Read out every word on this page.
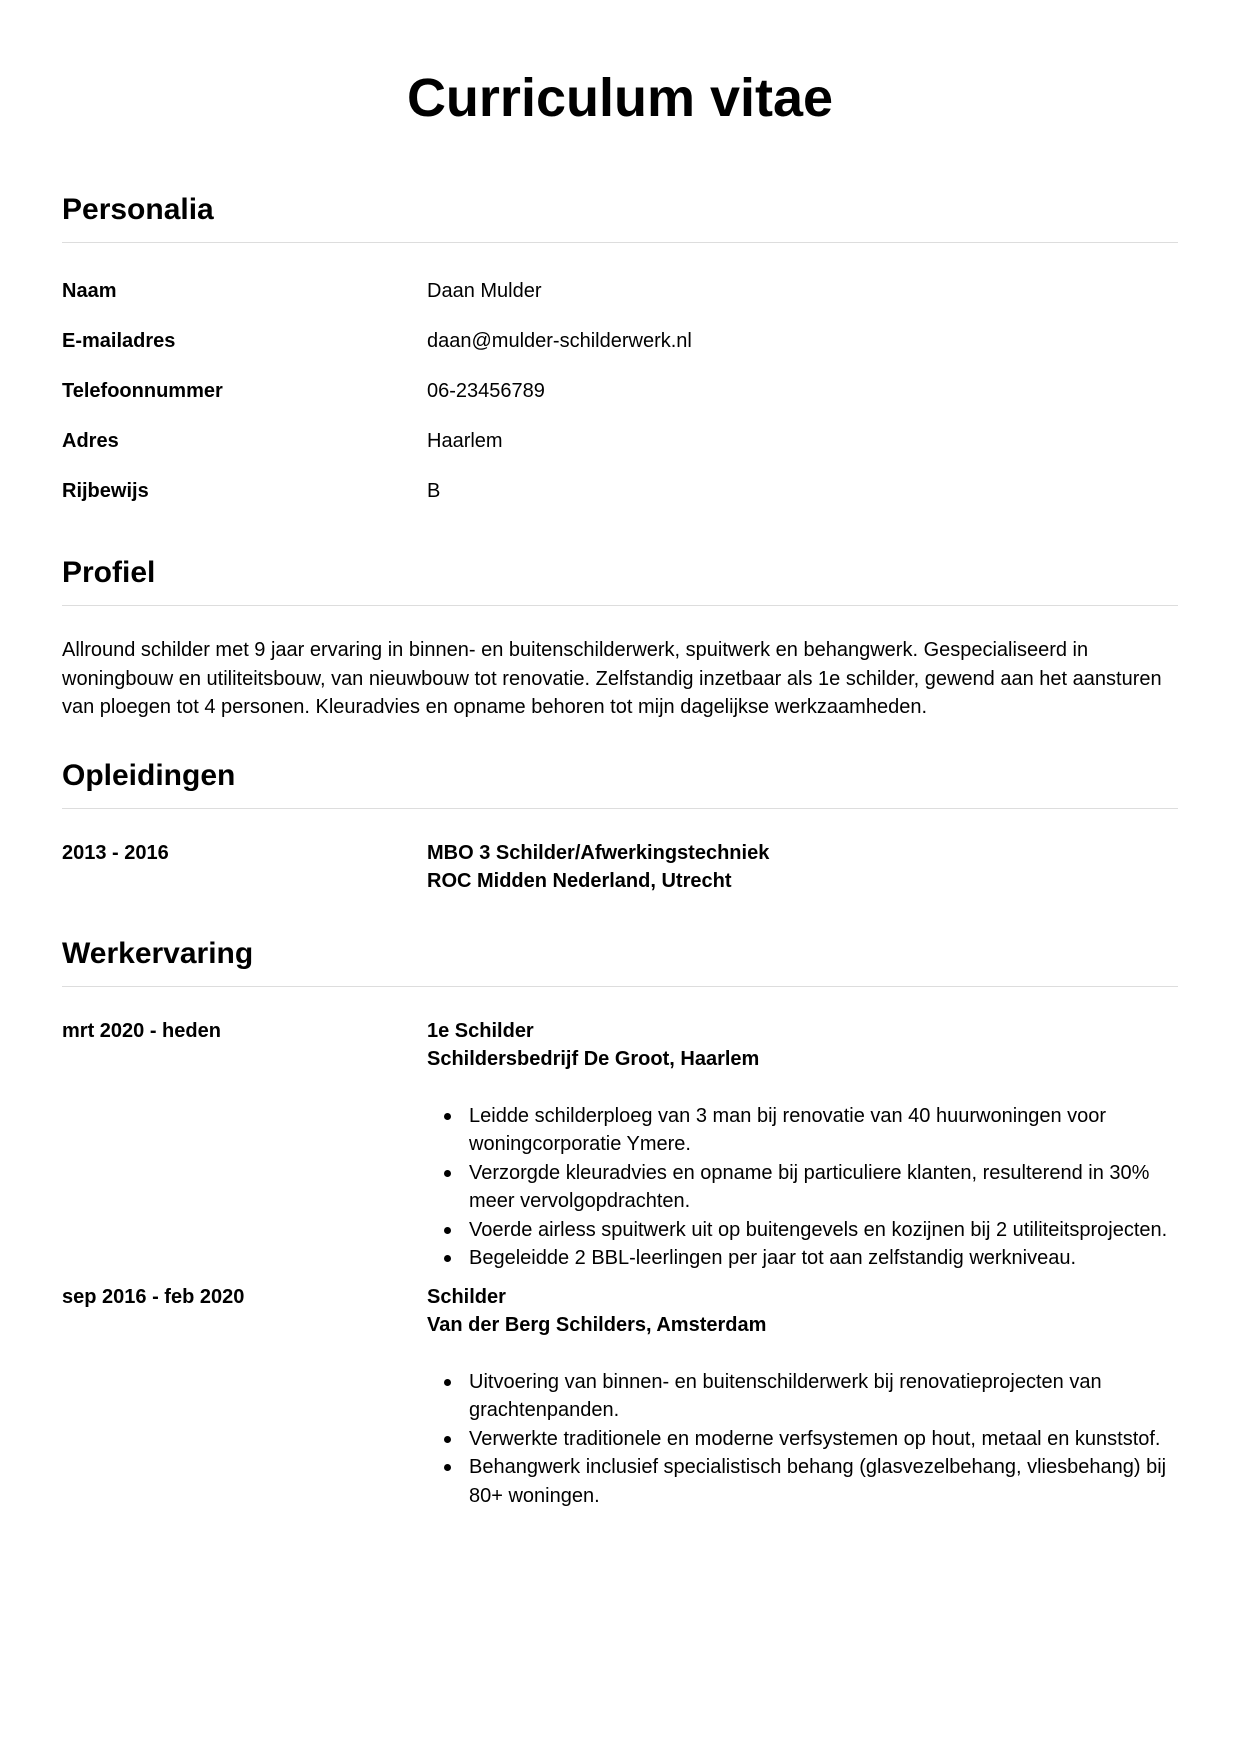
Curriculum vitae
Personalia
Naam	Daan Mulder
E-mailadres	daan@mulder-schilderwerk.nl
Telefoonnummer	06-23456789
Adres	Haarlem
Rijbewijs	B
Profiel

Allround schilder met 9 jaar ervaring in binnen- en buitenschilderwerk, spuitwerk en behangwerk. Gespecialiseerd in woningbouw en utiliteitsbouw, van nieuwbouw tot renovatie. Zelfstandig inzetbaar als 1e schilder, gewend aan het aansturen van ploegen tot 4 personen. Kleuradvies en opname behoren tot mijn dagelijkse werkzaamheden.

Opleidingen
2013 - 2016	MBO 3 Schilder/Afwerkingstechniek
ROC Midden Nederland, Utrecht
Werkervaring
mrt 2020 - heden	1e Schilder
Schildersbedrijf De Groot, Haarlem
Leidde schilderploeg van 3 man bij renovatie van 40 huurwoningen voor woningcorporatie Ymere.
Verzorgde kleuradvies en opname bij particuliere klanten, resulterend in 30% meer vervolgopdrachten.
Voerde airless spuitwerk uit op buitengevels en kozijnen bij 2 utiliteitsprojecten.
Begeleidde 2 BBL-leerlingen per jaar tot aan zelfstandig werkniveau.
sep 2016 - feb 2020	Schilder
Van der Berg Schilders, Amsterdam
Uitvoering van binnen- en buitenschilderwerk bij renovatieprojecten van grachtenpanden.
Verwerkte traditionele en moderne verfsystemen op hout, metaal en kunststof.
Behangwerk inclusief specialistisch behang (glasvezelbehang, vliesbehang) bij 80+ woningen.
